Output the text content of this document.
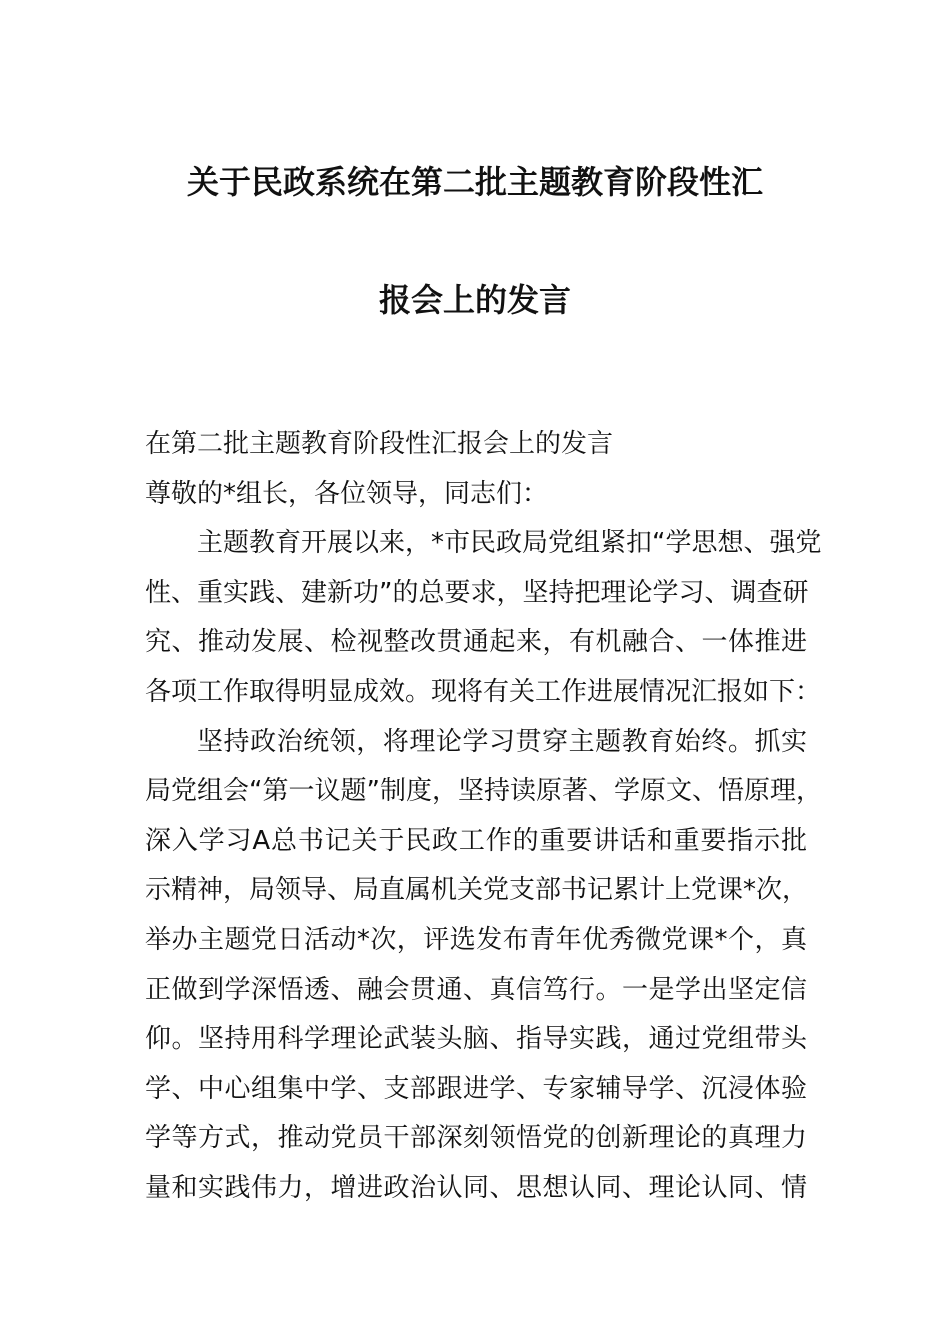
关于民政系统在第二批主题教育阶段性汇
报会上的发言
在第二批主题教育阶段性汇报会上的发言
尊敬的*组长，各位领导，同志们：
主题教育开展以来，*市民政局党组紧扣“学思想、强党
性、重实践、建新功”的总要求，坚持把理论学习、调查研
究、推动发展、检视整改贯通起来，有机融合、一体推进
各项工作取得明显成效。现将有关工作进展情况汇报如下：
坚持政治统领，将理论学习贯穿主题教育始终。抓实
局党组会“第一议题”制度，坚持读原著、学原文、悟原理，
深入学习A总书记关于民政工作的重要讲话和重要指示批
示精神，局领导、局直属机关党支部书记累计上党课*次，
举办主题党日活动*次，评选发布青年优秀微党课*个，真
正做到学深悟透、融会贯通、真信笃行。一是学出坚定信
仰。坚持用科学理论武装头脑、指导实践，通过党组带头
学、中心组集中学、支部跟进学、专家辅导学、沉浸体验
学等方式，推动党员干部深刻领悟党的创新理论的真理力
量和实践伟力，增进政治认同、思想认同、理论认同、情
